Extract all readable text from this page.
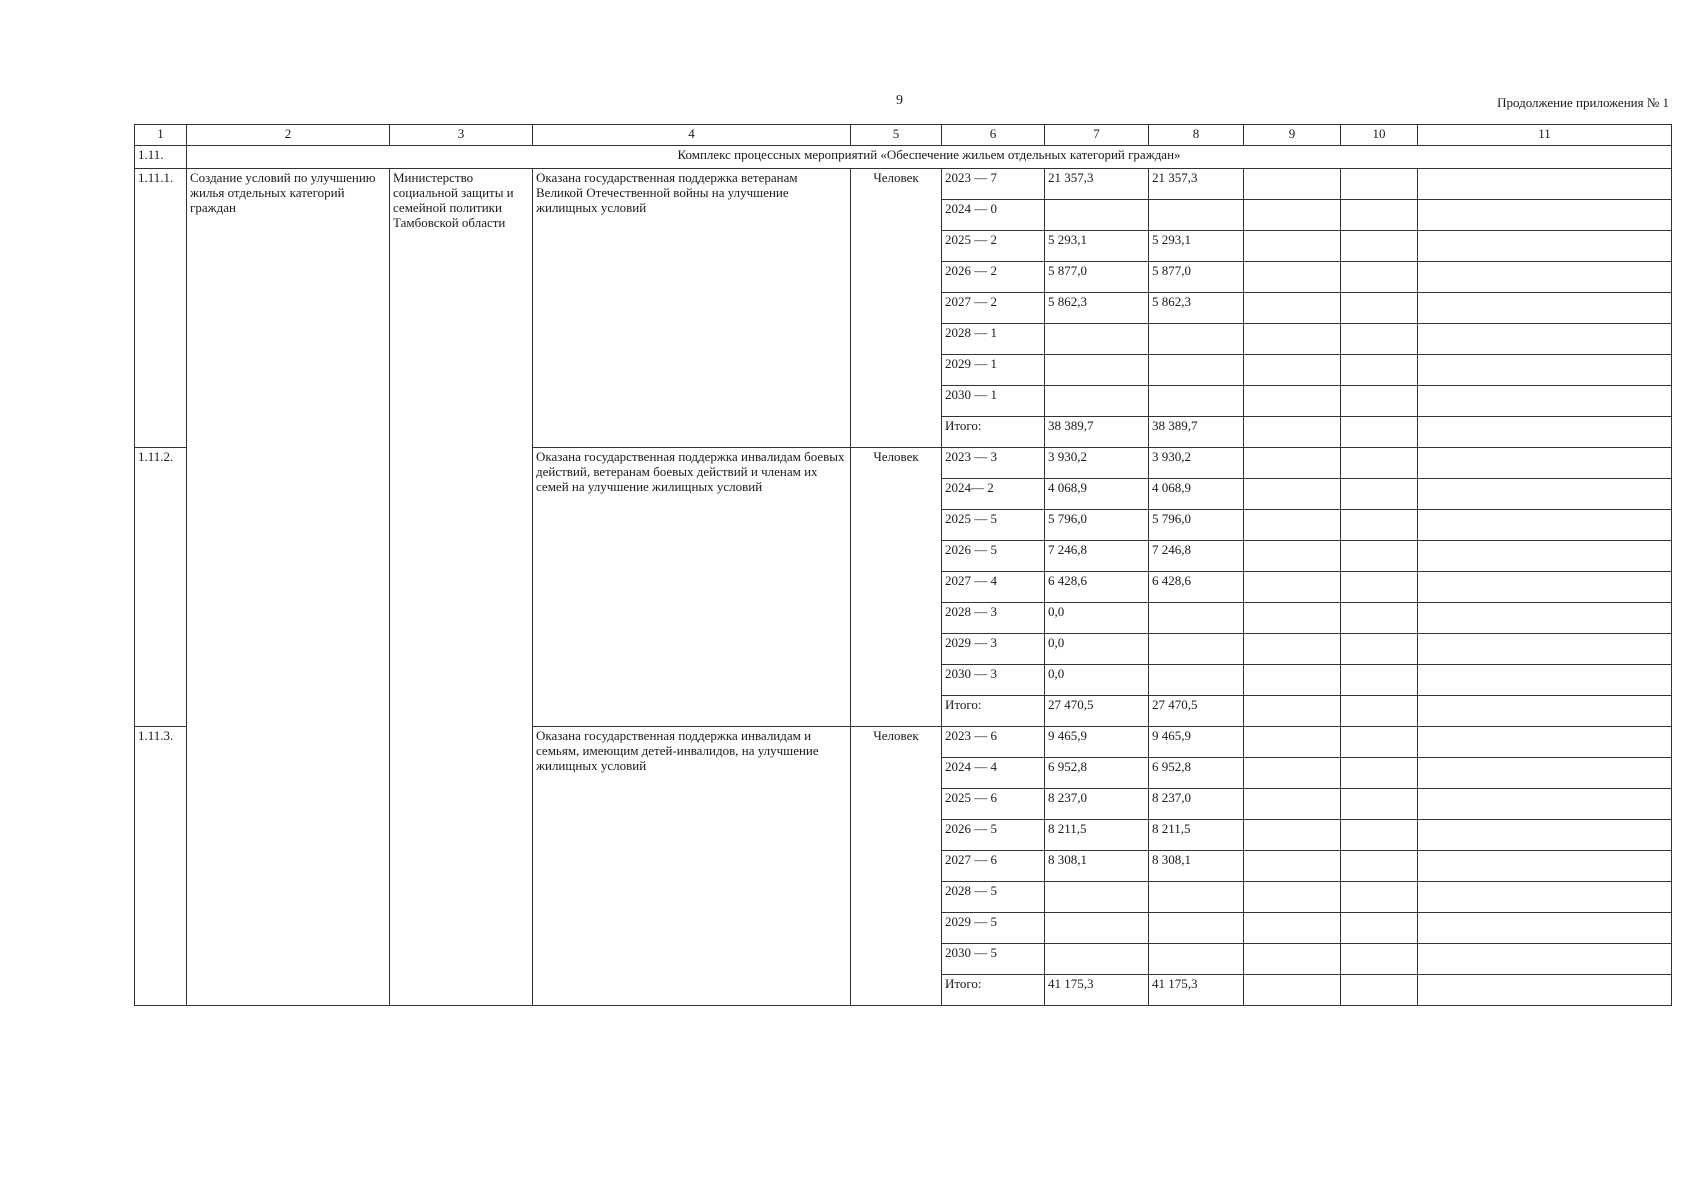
9	Продолжение приложения № 1
1	2	3	4	5	6	7	8	9	10	11
1.11.	Комплекс процессных мероприятий «Обеспечение жильем отдельных категорий граждан»									
1.11.1.	Создание условий по улучшению жилья отдельных категорий граждан	Министерство социальной защиты и семейной политики Тамбовской области	Оказана государственная поддержка ветеранам Великой Отечественной войны на улучшение жилищных условий	Человек	2023 — 7	21 357,3	21 357,3			
					2024 — 0					
					2025 — 2	5 293,1	5 293,1			
					2026 — 2	5 877,0	5 877,0			
					2027 — 2	5 862,3	5 862,3			
					2028 — 1					
					2029 — 1					
					2030 — 1					
					Итого:	38 389,7	38 389,7			
1.11.2.			Оказана государственная поддержка инвалидам боевых действий, ветеранам боевых действий и членам их семей на улучшение жилищных условий	Человек	2023 — 3	3 930,2	3 930,2			
					2024— 2	4 068,9	4 068,9			
					2025 — 5	5 796,0	5 796,0			
					2026 — 5	7 246,8	7 246,8			
					2027 — 4	6 428,6	6 428,6			
					2028 — 3	0,0				
					2029 — 3	0,0				
					2030 — 3	0,0				
					Итого:	27 470,5	27 470,5			
1.11.3.			Оказана государственная поддержка инвалидам и семьям, имеющим детей-инвалидов, на улучшение жилищных условий	Человек	2023 — 6	9 465,9	9 465,9			
					2024 — 4	6 952,8	6 952,8			
					2025 — 6	8 237,0	8 237,0			
					2026 — 5	8 211,5	8 211,5			
					2027 — 6	8 308,1	8 308,1			
					2028 — 5					
					2029 — 5					
					2030 — 5					
					Итого:	41 175,3	41 175,3			
